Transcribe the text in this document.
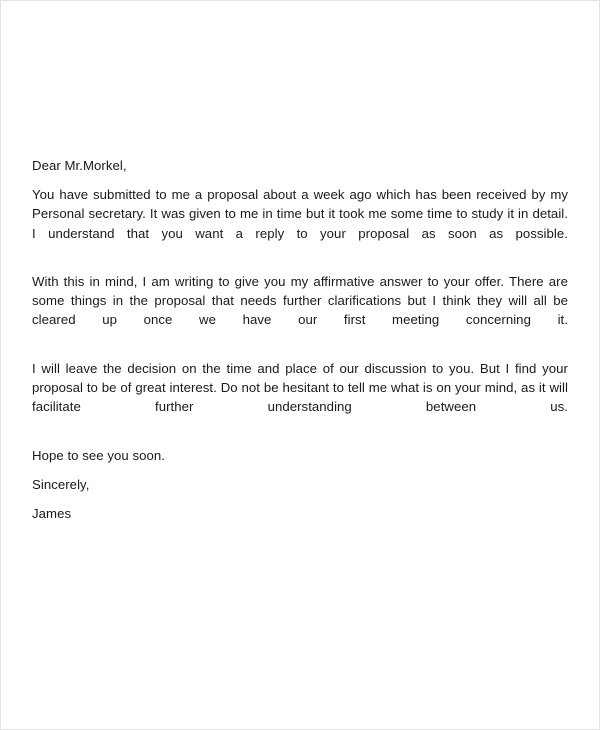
Dear Mr.Morkel,
You have submitted to me a proposal about a week ago which has been received by my Personal secretary. It was given to me in time but it took me some time to study it in detail. I understand that you want a reply to your proposal as soon as possible.
With this in mind, I am writing to give you my affirmative answer to your offer. There are some things in the proposal that needs further clarifications but I think they will all be cleared up once we have our first meeting concerning it.
I will leave the decision on the time and place of our discussion to you. But I find your proposal to be of great interest. Do not be hesitant to tell me what is on your mind, as it will facilitate further understanding between us.
Hope to see you soon.
Sincerely,
James
